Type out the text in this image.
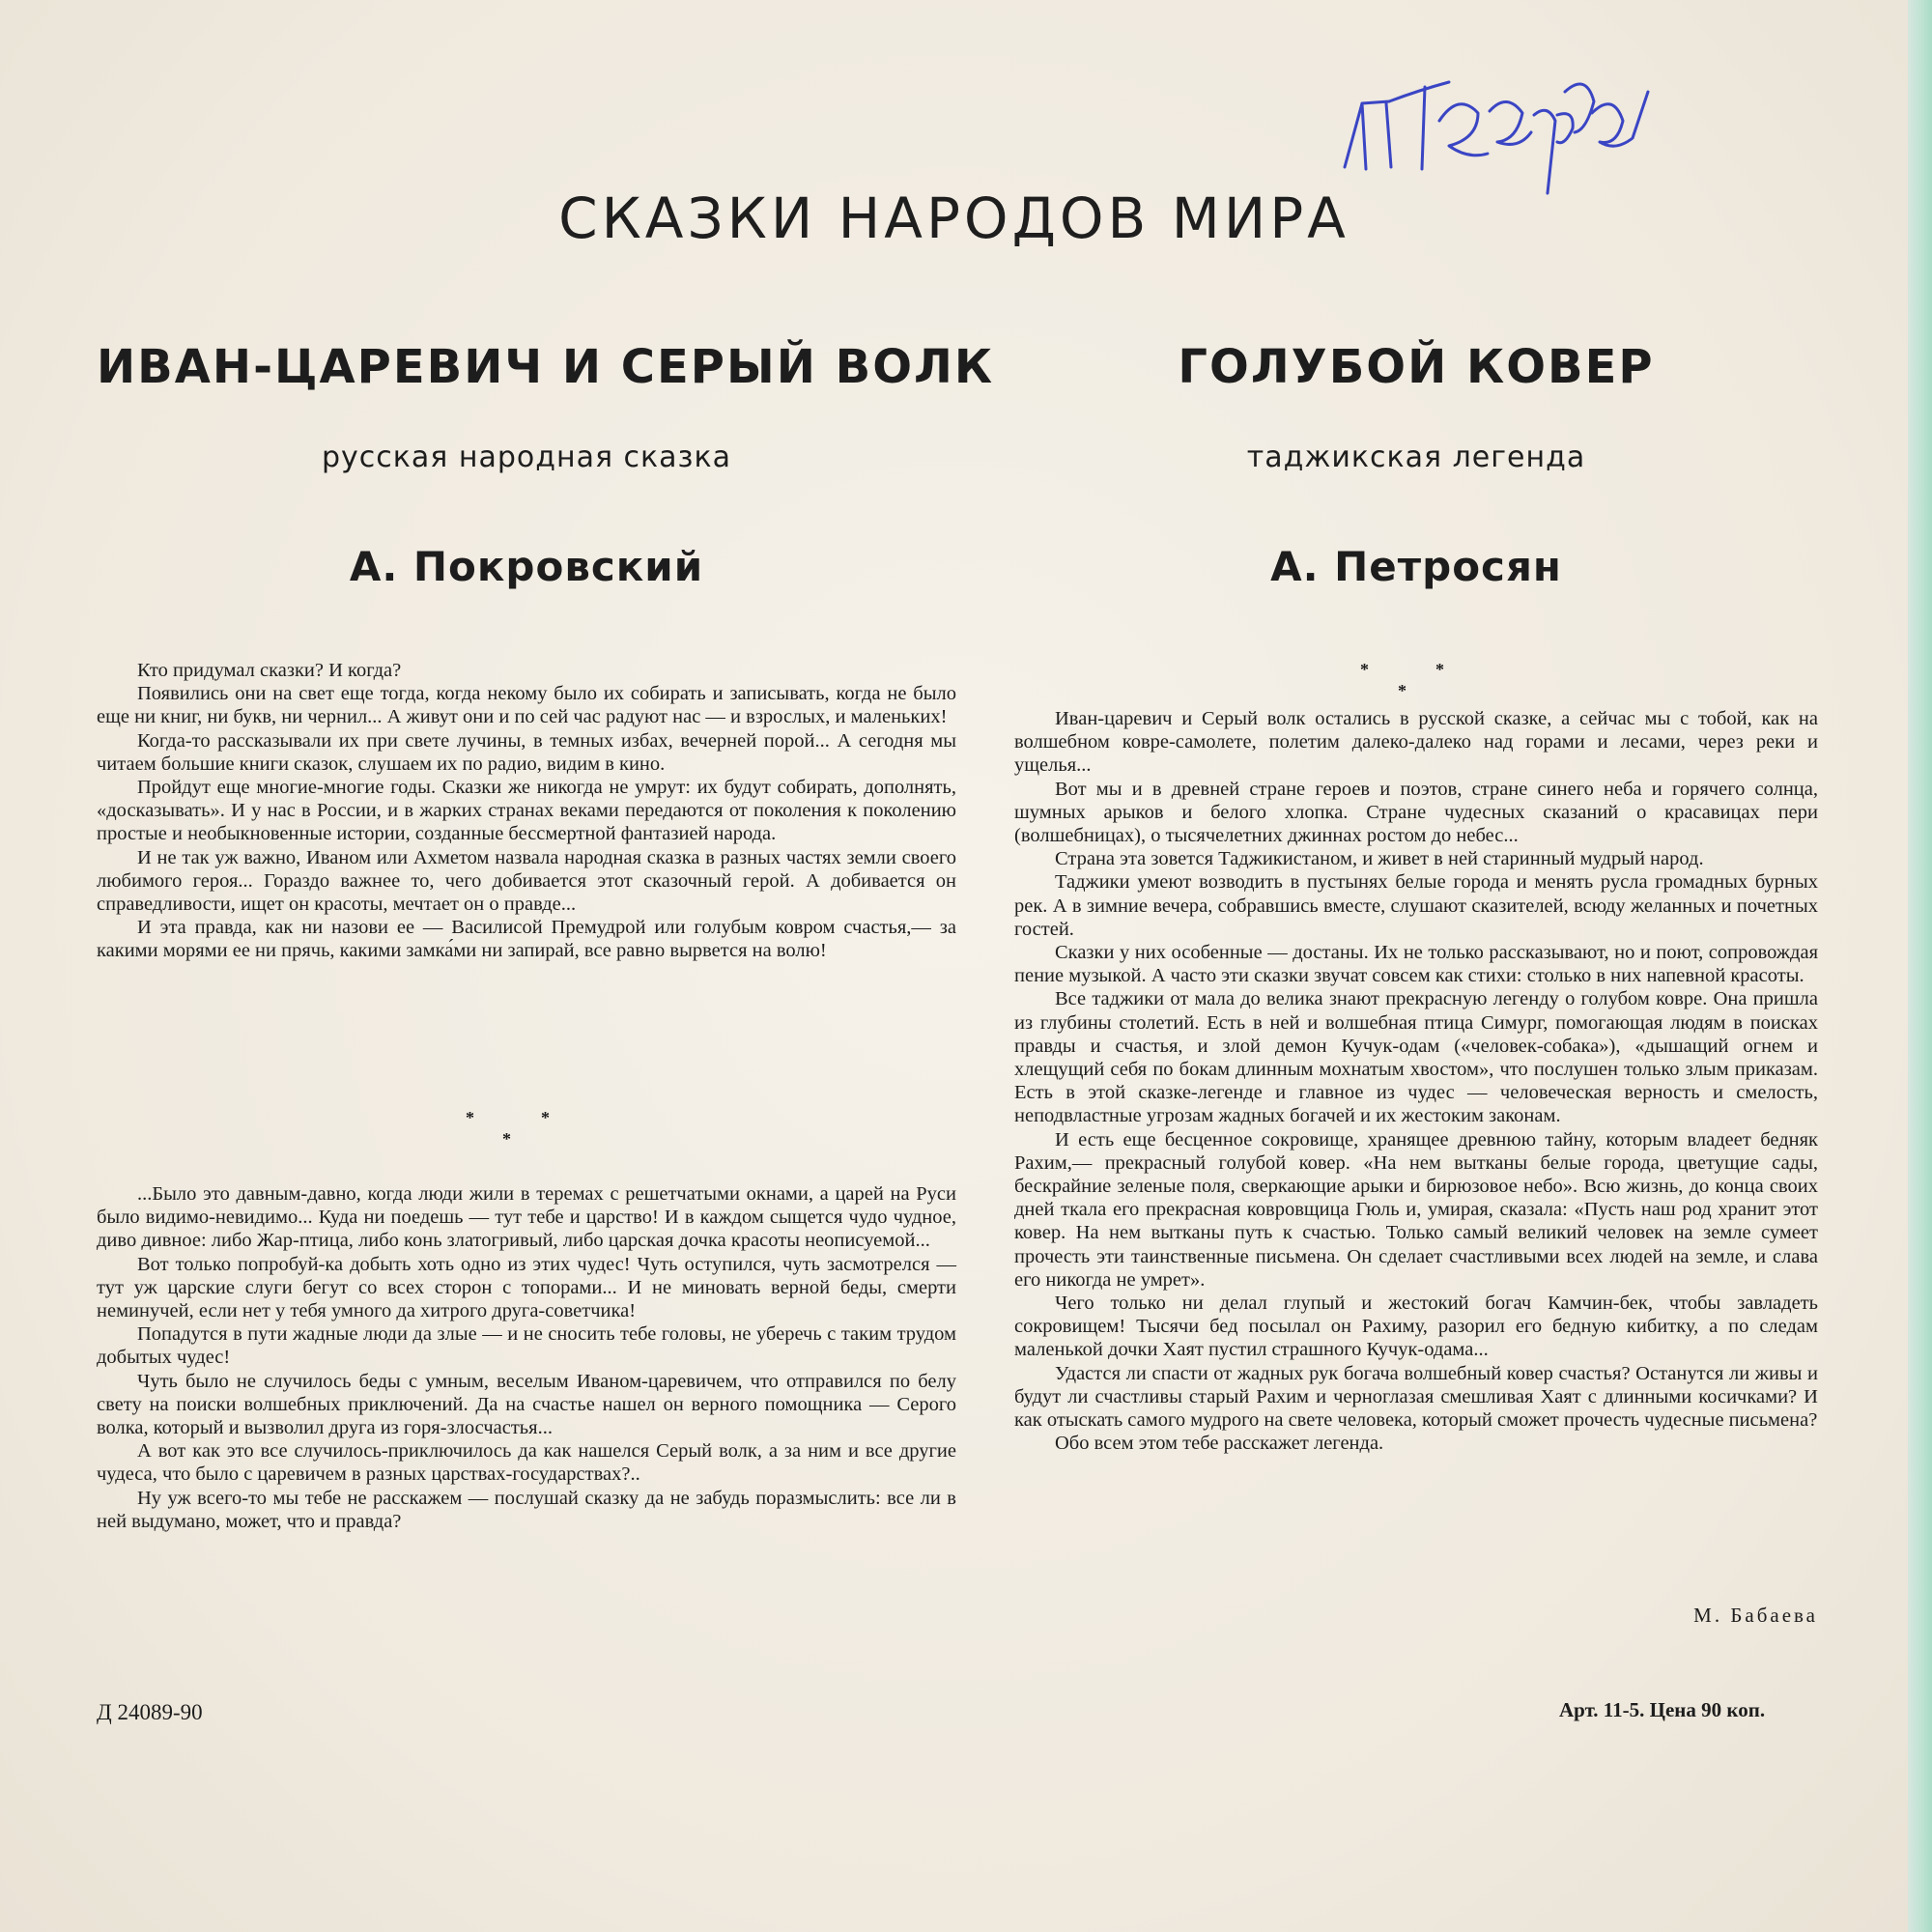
СКАЗКИ НАРОДОВ МИРА
ИВАН-ЦАРЕВИЧ И СЕРЫЙ ВОЛК
русская народная сказка
А. Покровский

Кто придумал сказки? И когда?

Появились они на свет еще тогда, когда некому было их собирать и записывать, когда не было еще ни книг, ни букв, ни чернил... А живут они и по сей час радуют нас — и взрослых, и маленьких!

Когда-то рассказывали их при свете лучины, в темных избах, вечерней порой... А сегодня мы читаем большие книги сказок, слушаем их по радио, видим в кино.

Пройдут еще многие-многие годы. Сказки же никогда не умрут: их будут собирать, дополнять, «досказывать». И у нас в России, и в жарких странах веками передаются от поколения к поколению простые и необыкновенные истории, созданные бессмертной фантазией народа.

И не так уж важно, Иваном или Ахметом назвала народная сказка в разных частях земли своего любимого героя... Гораздо важнее то, чего добивается этот сказочный герой. А добивается он справедливости, ищет он красоты, мечтает он о правде...

И эта правда, как ни назови ее — Василисой Премудрой или голубым ковром счастья,— за какими морями ее ни прячь, какими замка́ми ни запирай, все равно вырвется на волю!

*	*
*

...Было это давным-давно, когда люди жили в теремах с решетчатыми окнами, а царей на Руси было видимо-невидимо... Куда ни поедешь — тут тебе и царство! И в каждом сыщется чудо чудное, диво дивное: либо Жар-птица, либо конь златогривый, либо царская дочка красоты неописуемой...

Вот только попробуй-ка добыть хоть одно из этих чудес! Чуть оступился, чуть засмотрелся — тут уж царские слуги бегут со всех сторон с топорами... И не миновать верной беды, смерти неминучей, если нет у тебя умного да хитрого друга-советчика!

Попадутся в пути жадные люди да злые — и не сносить тебе головы, не уберечь с таким трудом добытых чудес!

Чуть было не случилось беды с умным, веселым Иваном-царевичем, что отправился по белу свету на поиски волшебных приключений. Да на счастье нашел он верного помощника — Серого волка, который и вызволил друга из горя-злосчастья...

А вот как это все случилось-приключилось да как нашелся Серый волк, а за ним и все другие чудеса, что было с царевичем в разных царствах-государствах?..

Ну уж всего-то мы тебе не расскажем — послушай сказку да не забудь поразмыслить: все ли в ней выдумано, может, что и правда?

ГОЛУБОЙ КОВЕР
таджикская легенда
А. Петросян
*	*
*

Иван-царевич и Серый волк остались в русской сказке, а сейчас мы с тобой, как на волшебном ковре-самолете, полетим далеко-далеко над горами и лесами, через реки и ущелья...

Вот мы и в древней стране героев и поэтов, стране синего неба и горячего солнца, шумных арыков и белого хлопка. Стране чудесных сказаний о красавицах пери (волшебницах), о тысячелетних джиннах ростом до небес...

Страна эта зовется Таджикистаном, и живет в ней старинный мудрый народ.

Таджики умеют возводить в пустынях белые города и менять русла громадных бурных рек. А в зимние вечера, собравшись вместе, слушают сказителей, всюду желанных и почетных гостей.

Сказки у них особенные — достаны. Их не только рассказывают, но и поют, сопровождая пение музыкой. А часто эти сказки звучат совсем как стихи: столько в них напевной красоты.

Все таджики от мала до велика знают прекрасную легенду о голубом ковре. Она пришла из глубины столетий. Есть в ней и волшебная птица Симург, помогающая людям в поисках правды и счастья, и злой демон Кучук-одам («человек-собака»), «дышащий огнем и хлещущий себя по бокам длинным мохнатым хвостом», что послушен только злым приказам. Есть в этой сказке-легенде и главное из чудес — человеческая верность и смелость, неподвластные угрозам жадных богачей и их жестоким законам.

И есть еще бесценное сокровище, хранящее древнюю тайну, которым владеет бедняк Рахим,— прекрасный голубой ковер. «На нем вытканы белые города, цветущие сады, бескрайние зеленые поля, сверкающие арыки и бирюзовое небо». Всю жизнь, до конца своих дней ткала его прекрасная ковровщица Гюль и, умирая, сказала: «Пусть наш род хранит этот ковер. На нем вытканы путь к счастью. Только самый великий человек на земле сумеет прочесть эти таинственные письмена. Он сделает счастливыми всех людей на земле, и слава его никогда не умрет».

Чего только ни делал глупый и жестокий богач Камчин-бек, чтобы завладеть сокровищем! Тысячи бед посылал он Рахиму, разорил его бедную кибитку, а по следам маленькой дочки Хаят пустил страшного Кучук-одама...

Удастся ли спасти от жадных рук богача волшебный ковер счастья? Останутся ли живы и будут ли счастливы старый Рахим и черноглазая смешливая Хаят с длинными косичками? И как отыскать самого мудрого на свете человека, который сможет прочесть чудесные письмена?

Обо всем этом тебе расскажет легенда.

М. Бабаева
Д 24089-90	Арт. 11-5. Цена 90 коп.
